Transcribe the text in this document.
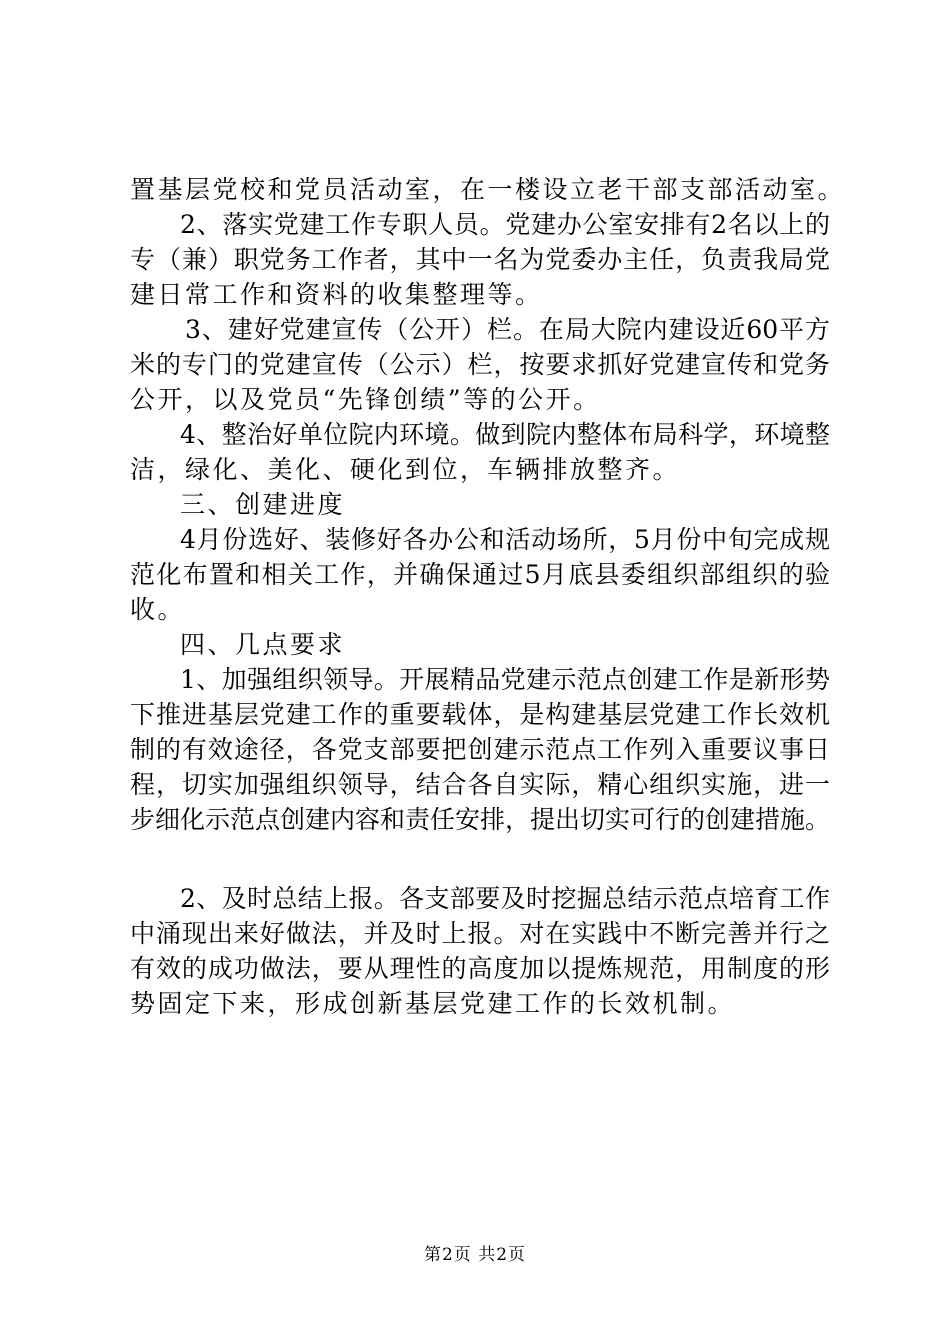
置基层党校和党员活动室，在一楼设立老干部支部活动室。
2、落实党建工作专职人员。党建办公室安排有2名以上的
专（兼）职党务工作者，其中一名为党委办主任，负责我局党
建日常工作和资料的收集整理等。
3、建好党建宣传（公开）栏。在局大院内建设近60平方
米的专门的党建宣传（公示）栏，按要求抓好党建宣传和党务
公开，以及党员“先锋创绩”等的公开。
4、整治好单位院内环境。做到院内整体布局科学，环境整
洁，绿化、美化、硬化到位，车辆排放整齐。
三、创建进度
4月份选好、装修好各办公和活动场所，5月份中旬完成规
范化布置和相关工作，并确保通过5月底县委组织部组织的验
收。
四、几点要求
1、加强组织领导。开展精品党建示范点创建工作是新形势
下推进基层党建工作的重要载体，是构建基层党建工作长效机
制的有效途径，各党支部要把创建示范点工作列入重要议事日
程，切实加强组织领导，结合各自实际，精心组织实施，进一
步细化示范点创建内容和责任安排，提出切实可行的创建措施。
2、及时总结上报。各支部要及时挖掘总结示范点培育工作
中涌现出来好做法，并及时上报。对在实践中不断完善并行之
有效的成功做法，要从理性的高度加以提炼规范，用制度的形
势固定下来，形成创新基层党建工作的长效机制。
第2页 共2页
